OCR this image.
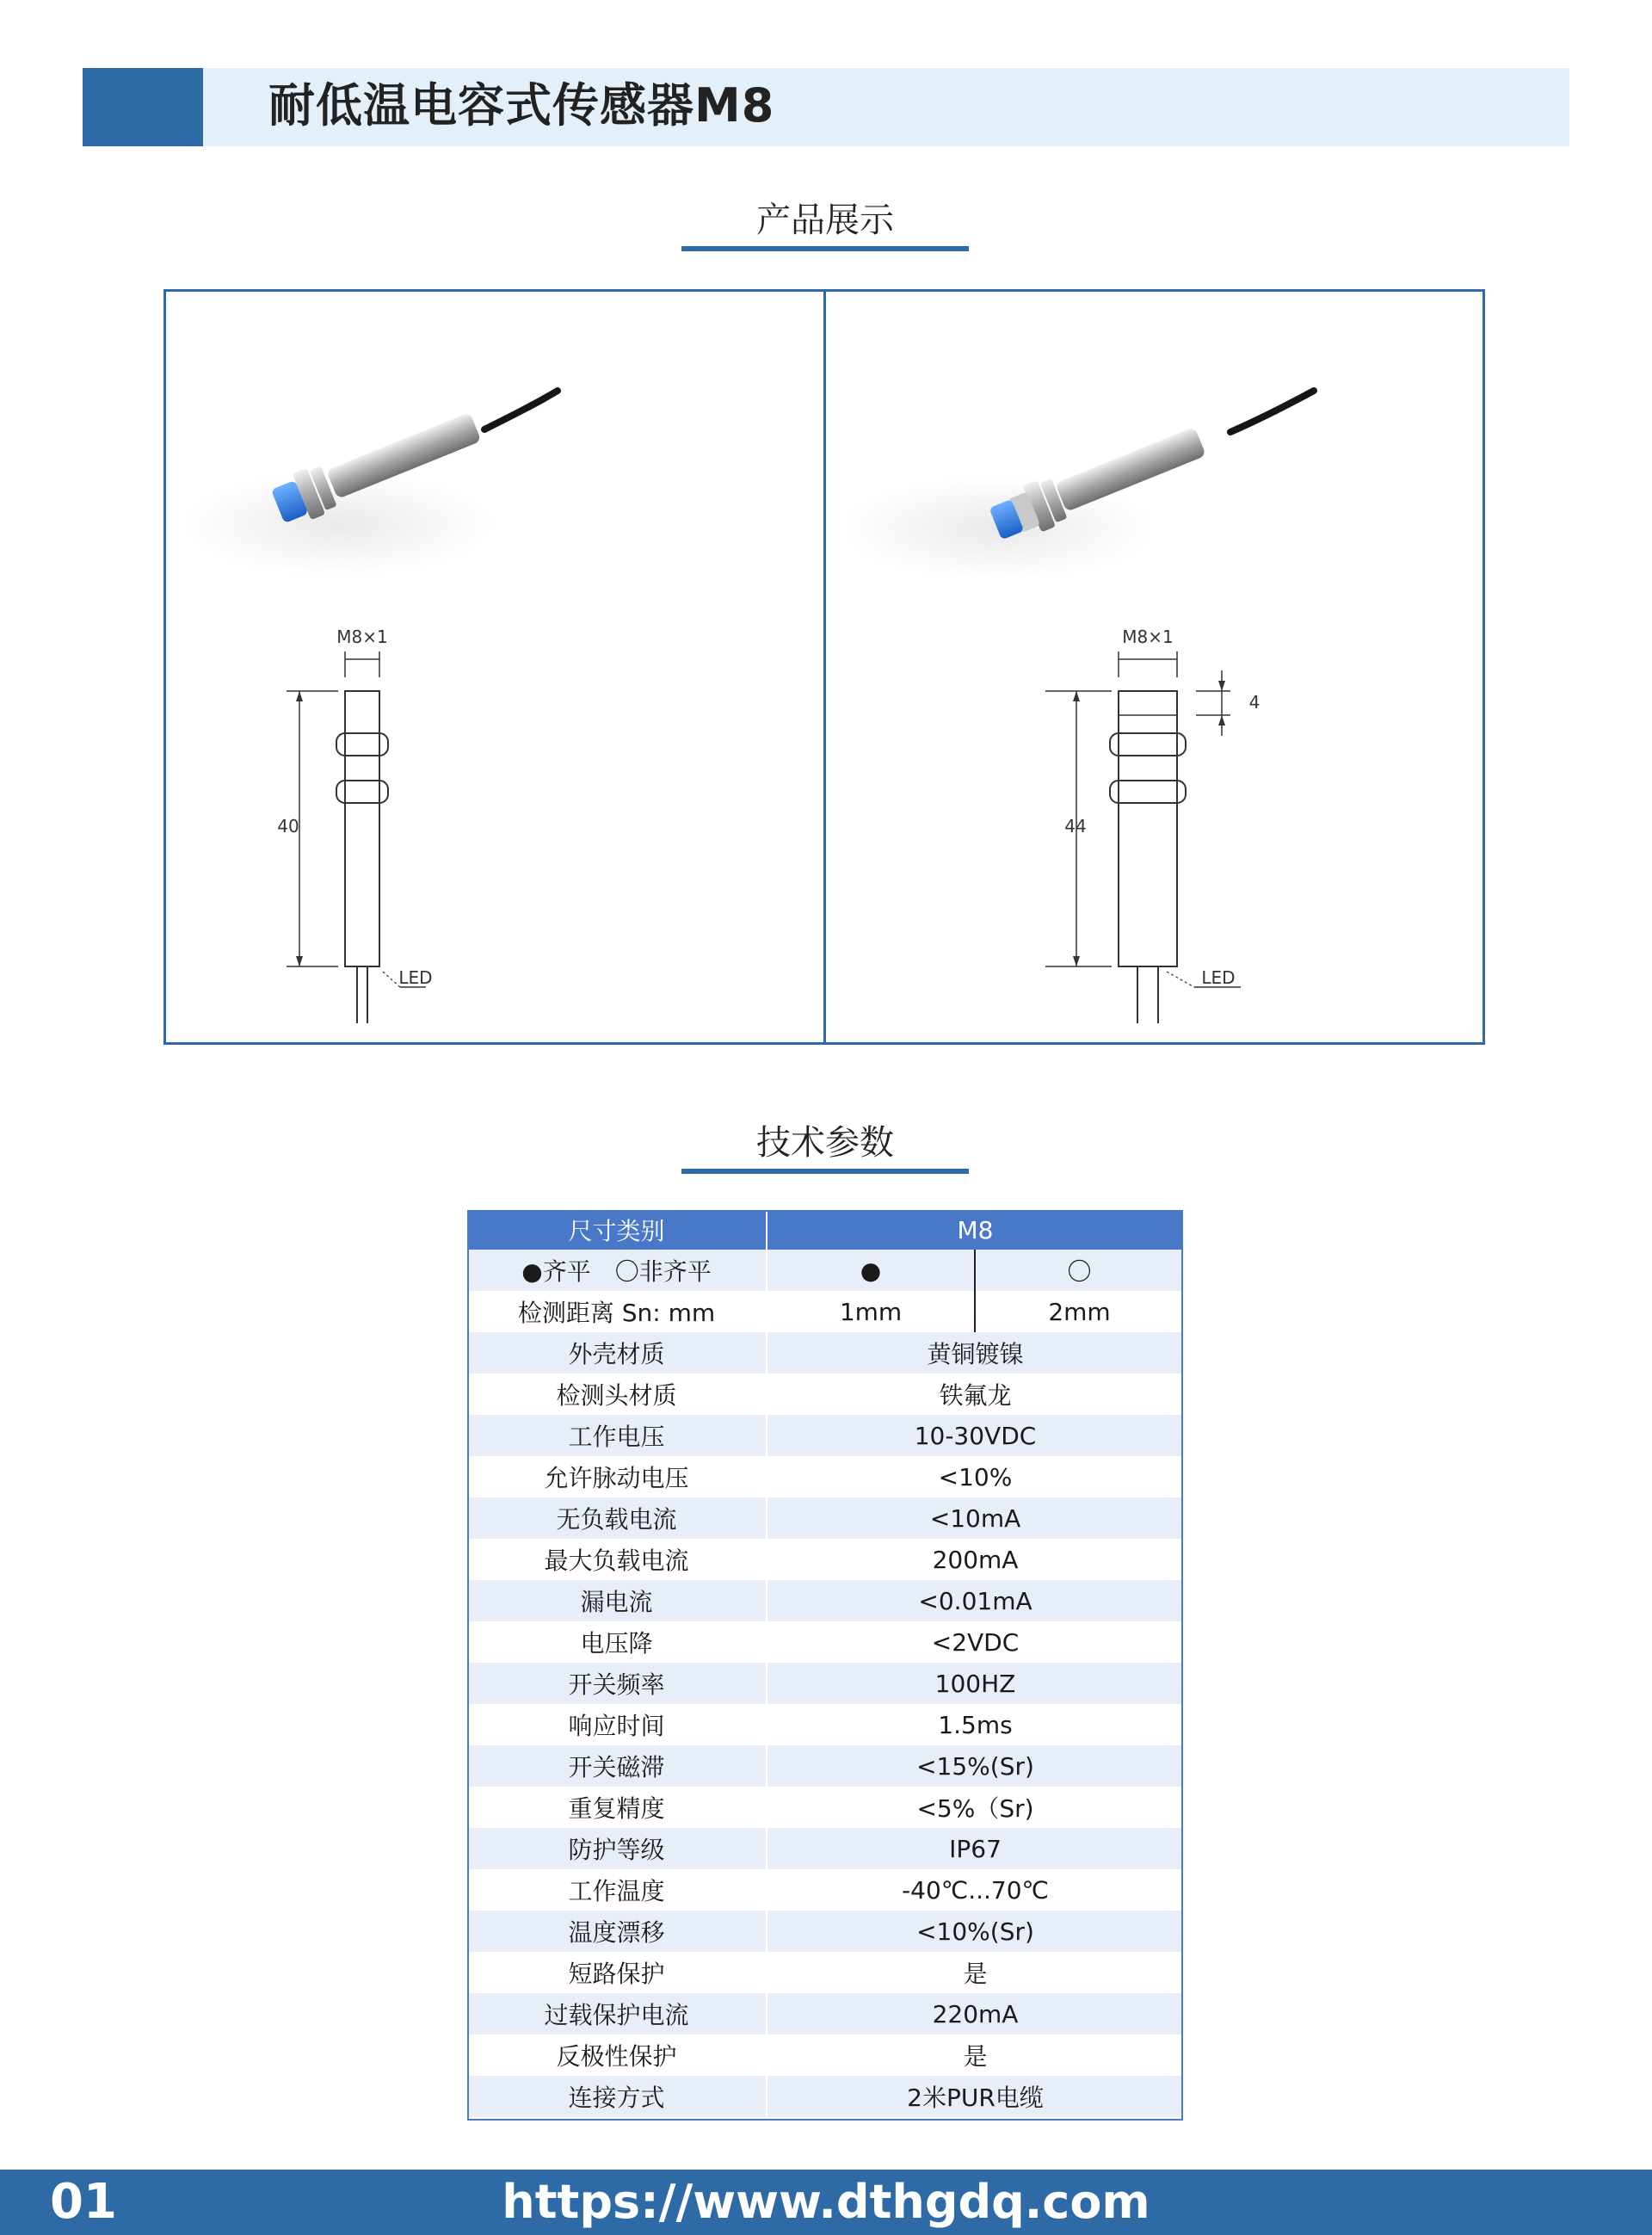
耐低温电容式传感器M8
产品展示
M8×1
40
LED
M8×1
4
44
LED
技术参数
尺寸类别	M8	
●齐平　〇非齐平	●	〇
检测距离 Sn: mm	1mm	2mm
外壳材质	黄铜镀镍	
检测头材质	铁氟龙	
工作电压	10-30VDC	
允许脉动电压	<10%	
无负载电流	<10mA	
最大负载电流	200mA	
漏电流	<0.01mA	
电压降	<2VDC	
开关频率	100HZ	
响应时间	1.5ms	
开关磁滞	<15%(Sr)	
重复精度	<5%（Sr)	
防护等级	IP67	
工作温度	-40℃...70℃	
温度漂移	<10%(Sr)	
短路保护	是	
过载保护电流	220mA	
反极性保护	是	
连接方式	2米PUR电缆	
https://www.dthgdq.com
01
